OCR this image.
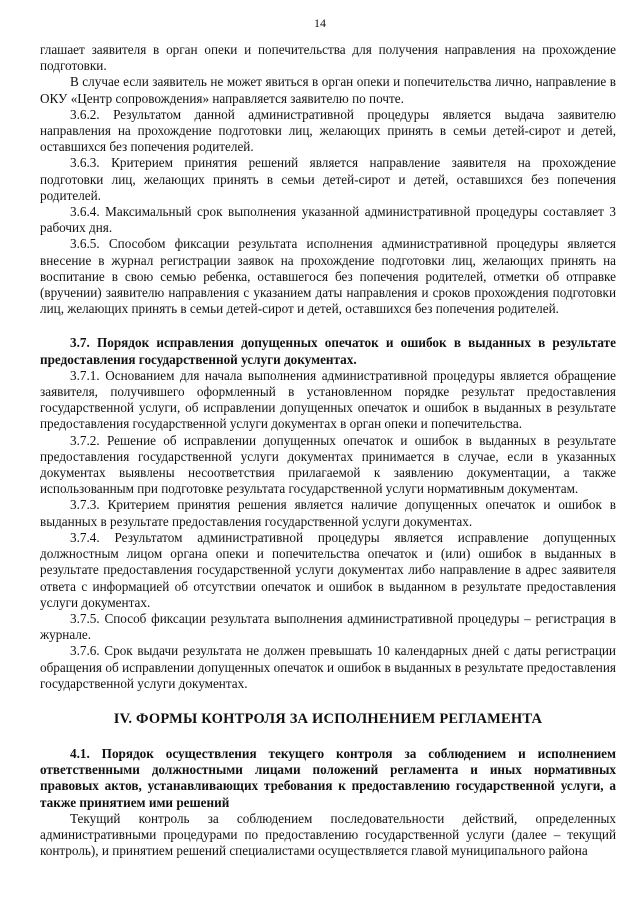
14

глашает заявителя в орган опеки и попечительства для получения направления на прохождение подготовки.

В случае если заявитель не может явиться в орган опеки и попечительства лично, направление в ОКУ «Центр сопровождения» направляется заявителю по почте.

3.6.2. Результатом данной административной процедуры является выдача заявителю направления на прохождение подготовки лиц, желающих принять в семьи детей-сирот и детей, оставшихся без попечения родителей.

3.6.3. Критерием принятия решений является направление заявителя на прохождение подготовки лиц, желающих принять в семьи детей-сирот и детей, оставшихся без попечения родителей.

3.6.4. Максимальный срок выполнения указанной административной процедуры составляет 3 рабочих дня.

3.6.5. Способом фиксации результата исполнения административной процедуры является внесение в журнал регистрации заявок на прохождение подготовки лиц, желающих принять на воспитание в свою семью ребенка, оставшегося без попечения родителей, отметки об отправке (вручении) заявителю направления с указанием даты направления и сроков прохождения подготовки лиц, желающих принять в семьи детей-сирот и детей, оставшихся без попечения родителей.

3.7. Порядок исправления допущенных опечаток и ошибок в выданных в результате предоставления государственной услуги документах.

3.7.1. Основанием для начала выполнения административной процедуры является обращение заявителя, получившего оформленный в установленном порядке результат предоставления государственной услуги, об исправлении допущенных опечаток и ошибок в выданных в результате предоставления государственной услуги документах в орган опеки и попечительства.

3.7.2. Решение об исправлении допущенных опечаток и ошибок в выданных в результате предоставления государственной услуги документах принимается в случае, если в указанных документах выявлены несоответствия прилагаемой к заявлению документации, а также использованным при подготовке результата государственной услуги нормативным документам.

3.7.3. Критерием принятия решения является наличие допущенных опечаток и ошибок в выданных в результате предоставления государственной услуги документах.

3.7.4. Результатом административной процедуры является исправление допущенных должностным лицом органа опеки и попечительства опечаток и (или) ошибок в выданных в результате предоставления государственной услуги документах либо направление в адрес заявителя ответа с информацией об отсутствии опечаток и ошибок в выданном в результате предоставления услуги документах.

3.7.5. Способ фиксации результата выполнения административной процедуры – регистрация в журнале.

3.7.6. Срок выдачи результата не должен превышать 10 календарных дней с даты регистрации обращения об исправлении допущенных опечаток и ошибок в выданных в результате предоставления государственной услуги документах.

IV. ФОРМЫ КОНТРОЛЯ ЗА ИСПОЛНЕНИЕМ РЕГЛАМЕНТА

4.1. Порядок осуществления текущего контроля за соблюдением и исполнением ответственными должностными лицами положений регламента и иных нормативных правовых актов, устанавливающих требования к предоставлению государственной услуги, а также принятием ими решений

Текущий контроль за соблюдением последовательности действий, определенных административными процедурами по предоставлению государственной услуги (далее – текущий контроль), и принятием решений специалистами осуществляется главой муниципального района
